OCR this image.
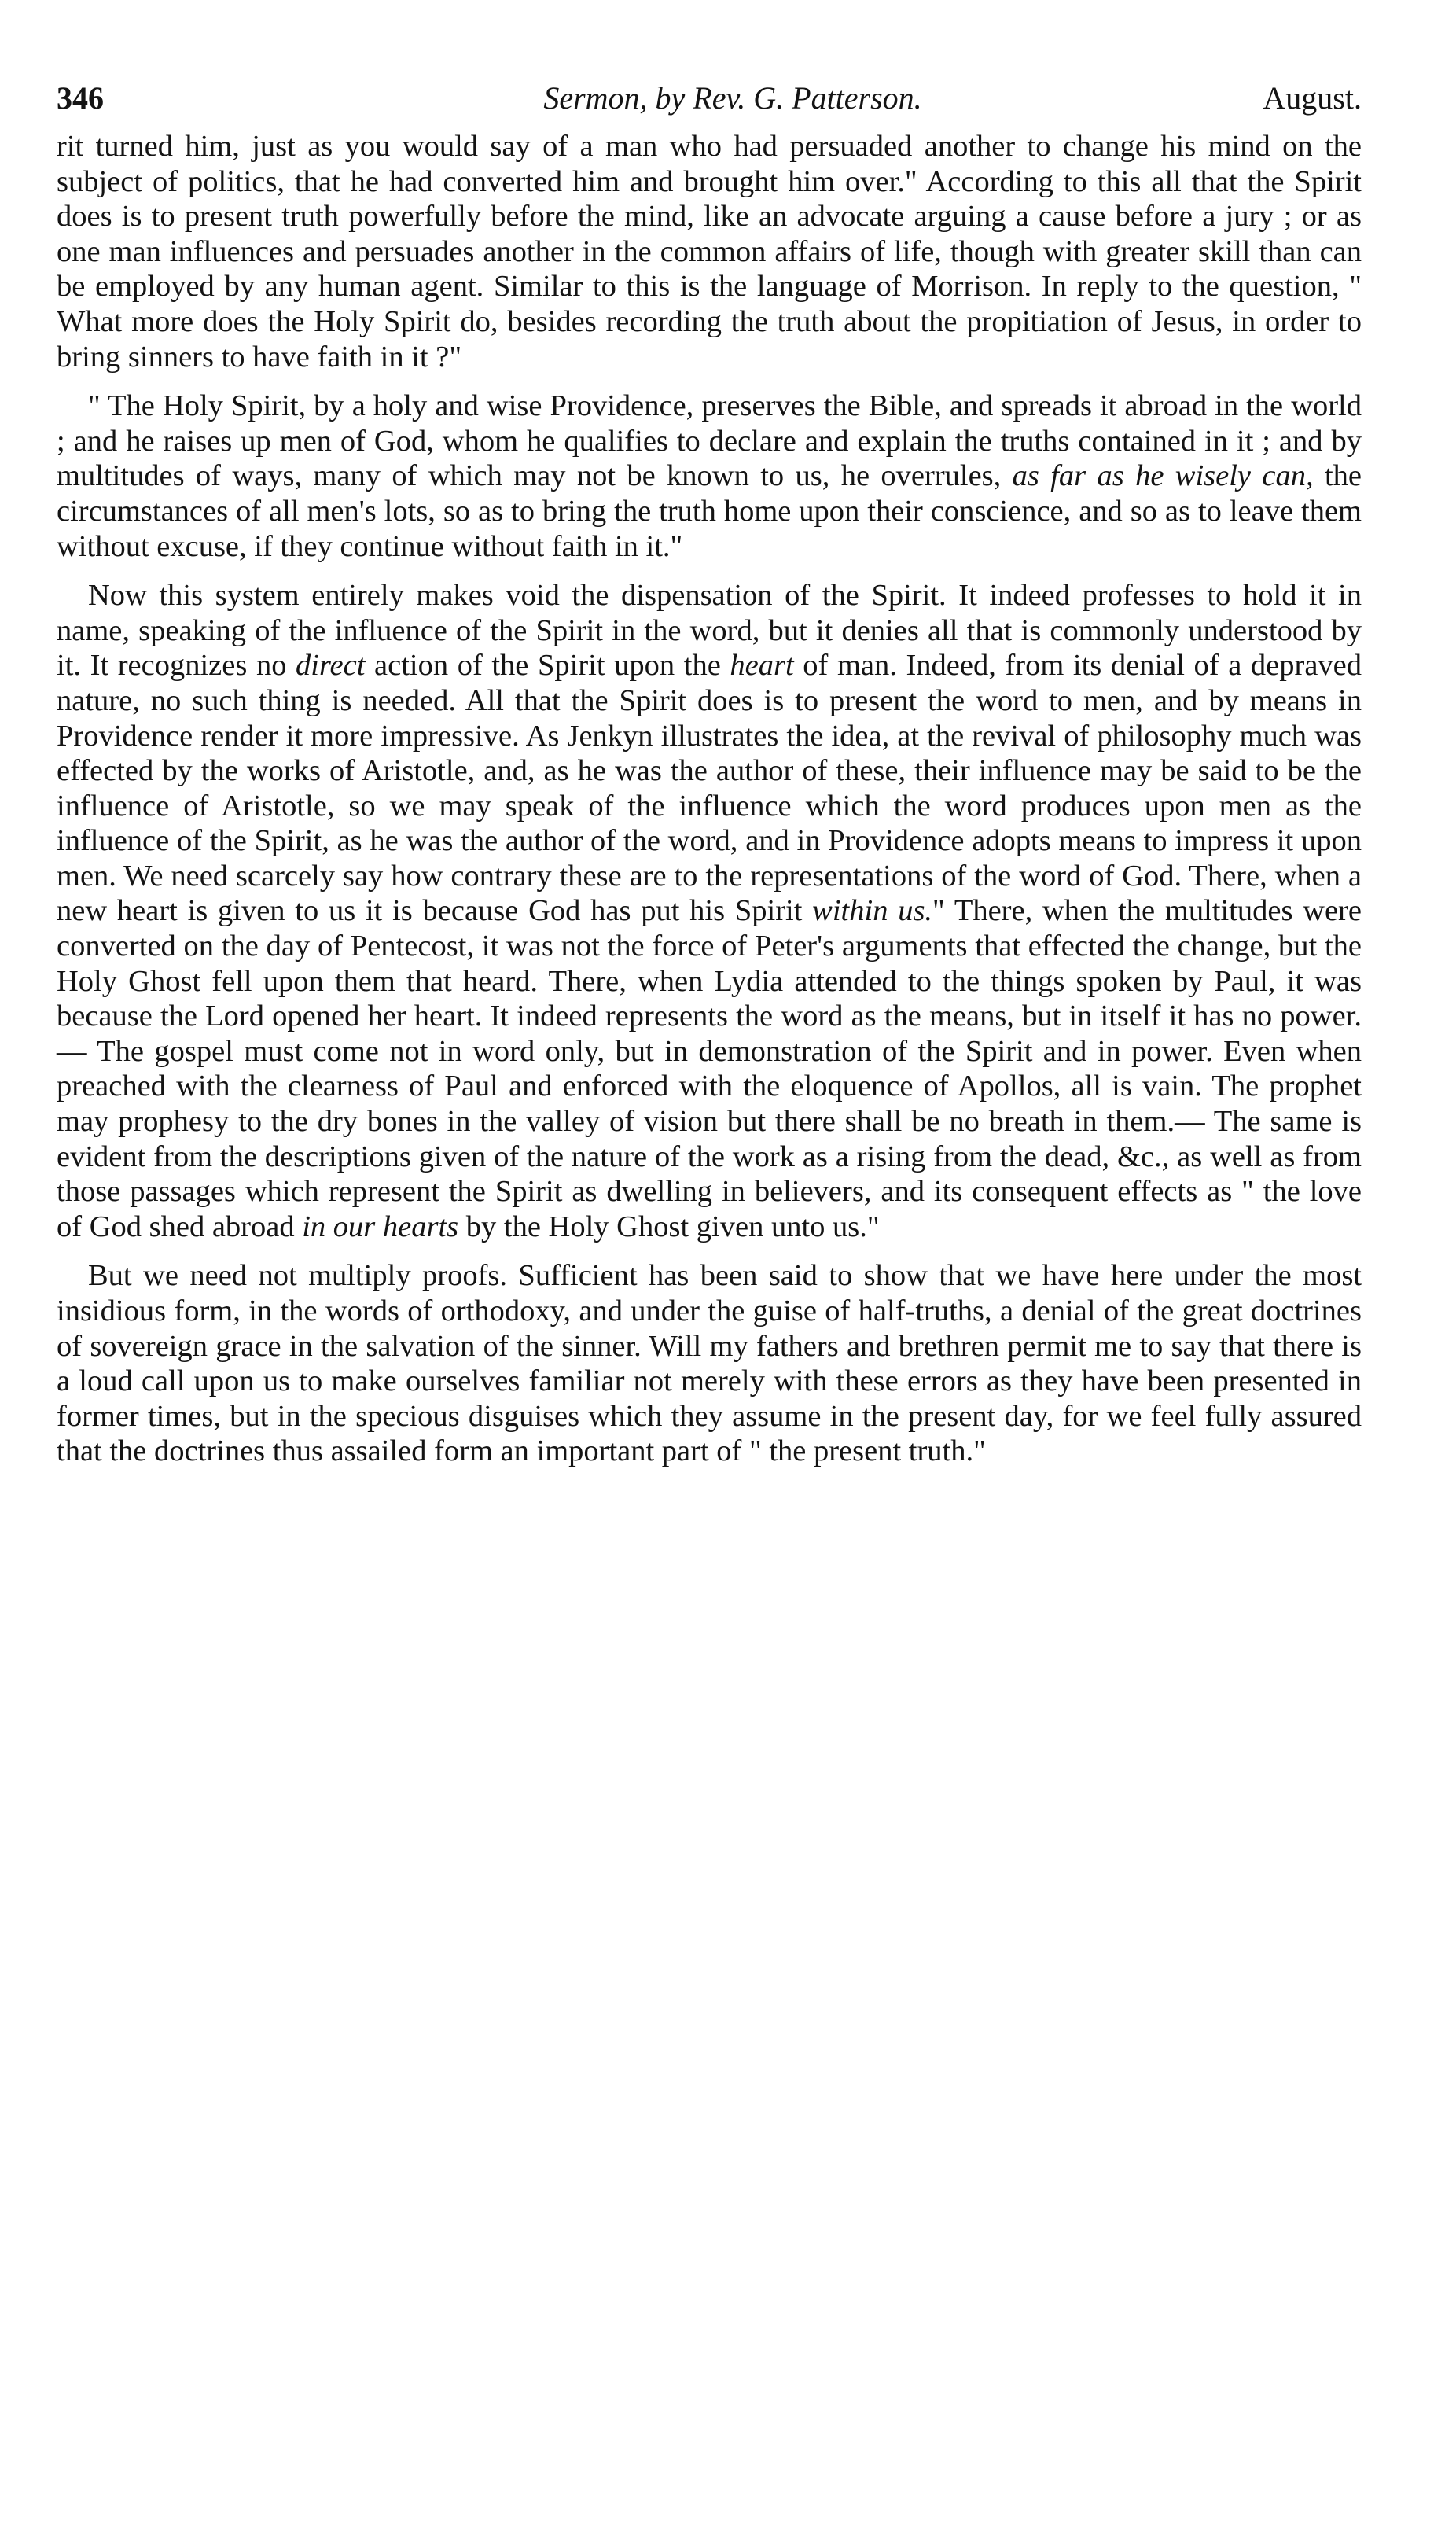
346	Sermon, by Rev. G. Patterson.	August.

rit turned him, just as you would say of a man who had persuaded another to change his mind on the subject of politics, that he had converted him and brought him over." According to this all that the Spirit does is to present truth powerfully before the mind, like an advocate arguing a cause before a jury ; or as one man influences and persuades another in the common affairs of life, though with greater skill than can be employed by any human agent. Similar to this is the language of Morrison. In reply to the question, " What more does the Holy Spirit do, besides recording the truth about the propitiation of Jesus, in order to bring sinners to have faith in it ?"

" The Holy Spirit, by a holy and wise Providence, preserves the Bible, and spreads it abroad in the world ; and he raises up men of God, whom he qualifies to declare and explain the truths contained in it ; and by multitudes of ways, many of which may not be known to us, he overrules, as far as he wisely can, the circumstances of all men's lots, so as to bring the truth home upon their conscience, and so as to leave them without excuse, if they continue without faith in it."

Now this system entirely makes void the dispensation of the Spirit. It indeed professes to hold it in name, speaking of the influence of the Spirit in the word, but it denies all that is commonly understood by it. It recognizes no direct action of the Spirit upon the heart of man. Indeed, from its denial of a depraved nature, no such thing is needed. All that the Spirit does is to present the word to men, and by means in Providence render it more impressive. As Jenkyn illustrates the idea, at the revival of philosophy much was effected by the works of Aristotle, and, as he was the author of these, their influence may be said to be the influence of Aristotle, so we may speak of the influence which the word produces upon men as the influence of the Spirit, as he was the author of the word, and in Providence adopts means to impress it upon men. We need scarcely say how contrary these are to the representations of the word of God. There, when a new heart is given to us it is because God has put his Spirit within us." There, when the multitudes were converted on the day of Pentecost, it was not the force of Peter's arguments that effected the change, but the Holy Ghost fell upon them that heard. There, when Lydia attended to the things spoken by Paul, it was because the Lord opened her heart. It indeed represents the word as the means, but in itself it has no power.— The gospel must come not in word only, but in demonstration of the Spirit and in power. Even when preached with the clearness of Paul and enforced with the eloquence of Apollos, all is vain. The prophet may prophesy to the dry bones in the valley of vision but there shall be no breath in them.— The same is evident from the descriptions given of the nature of the work as a rising from the dead, &c., as well as from those passages which represent the Spirit as dwelling in believers, and its consequent effects as " the love of God shed abroad in our hearts by the Holy Ghost given unto us."

But we need not multiply proofs. Sufficient has been said to show that we have here under the most insidious form, in the words of orthodoxy, and under the guise of half-truths, a denial of the great doctrines of sovereign grace in the salvation of the sinner. Will my fathers and brethren permit me to say that there is a loud call upon us to make ourselves familiar not merely with these errors as they have been presented in former times, but in the specious disguises which they assume in the present day, for we feel fully assured that the doctrines thus assailed form an important part of " the present truth."
